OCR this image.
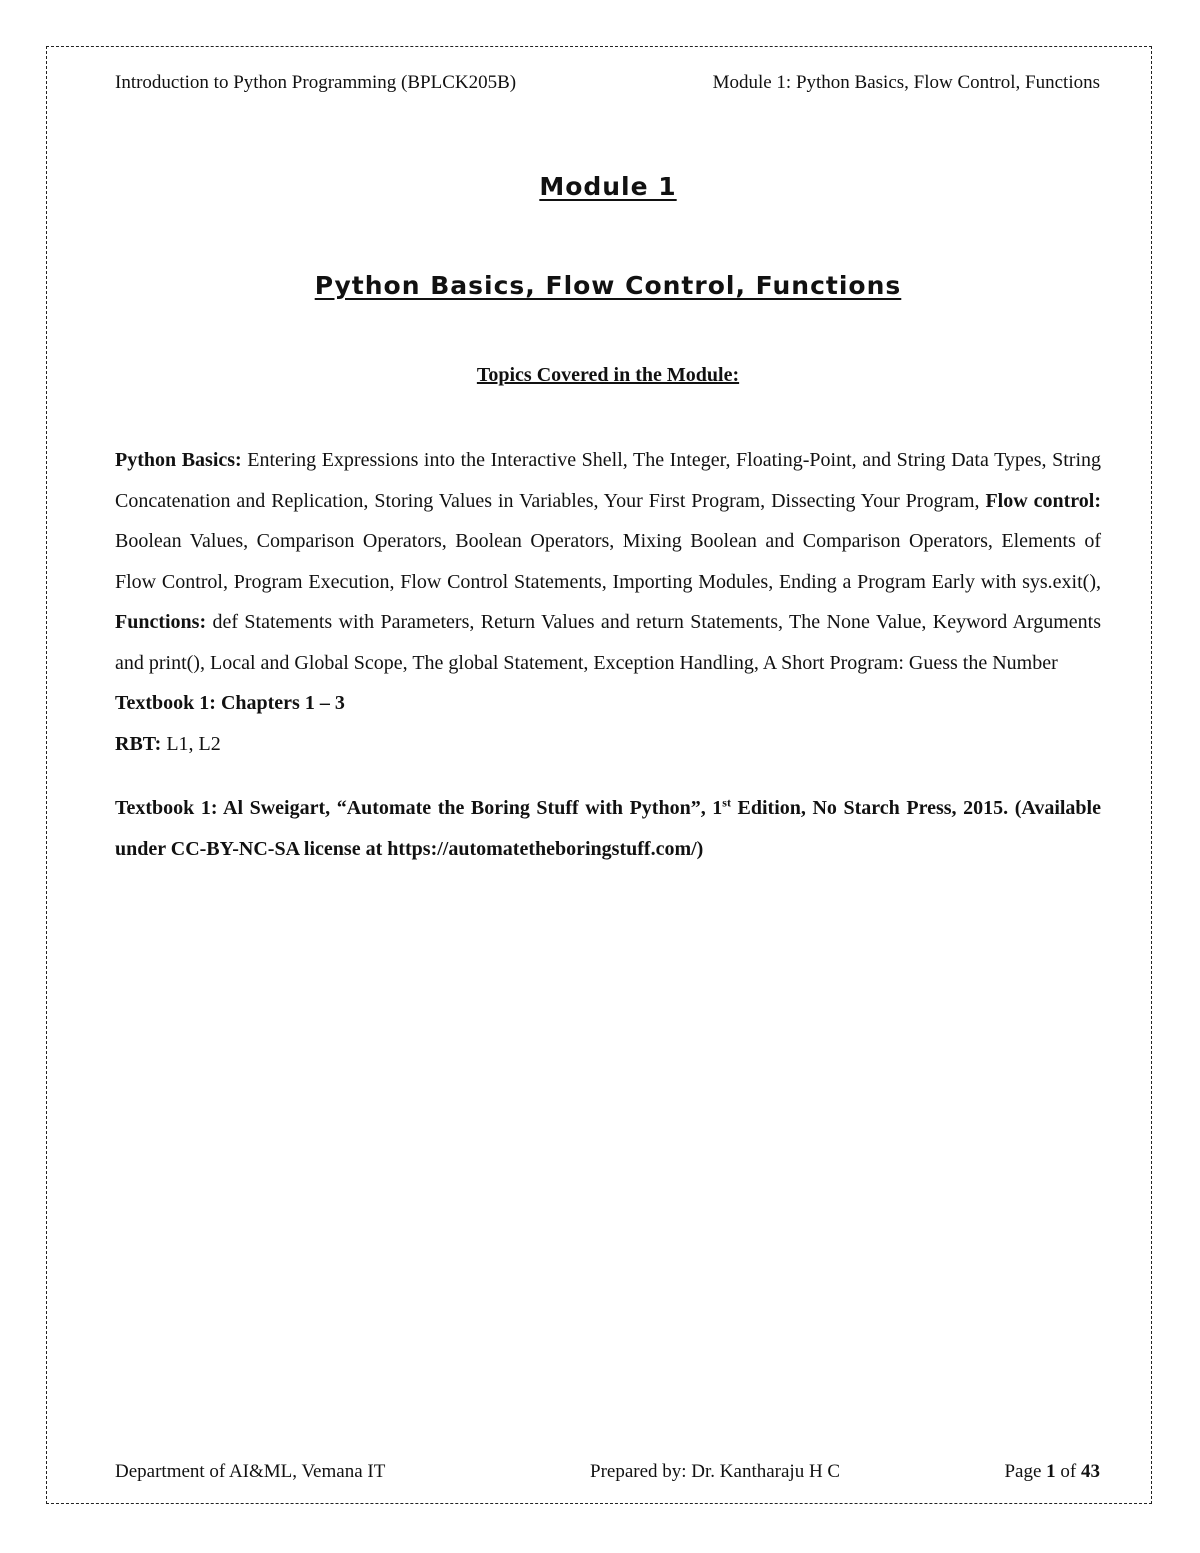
Introduction to Python Programming (BPLCK205B)	Module 1: Python Basics, Flow Control, Functions
Module 1
Python Basics, Flow Control, Functions
Topics Covered in the Module:

Python Basics: Entering Expressions into the Interactive Shell, The Integer, Floating-Point, and String Data Types, String Concatenation and Replication, Storing Values in Variables, Your First Program, Dissecting Your Program, Flow control: Boolean Values, Comparison Operators, Boolean Operators, Mixing Boolean and Comparison Operators, Elements of Flow Control, Program Execution, Flow Control Statements, Importing Modules, Ending a Program Early with sys.exit(), Functions: def Statements with Parameters, Return Values and return Statements, The None Value, Keyword Arguments and print(), Local and Global Scope, The global Statement, Exception Handling, A Short Program: Guess the Number

Textbook 1: Chapters 1 – 3

RBT: L1, L2

Textbook 1: Al Sweigart, “Automate the Boring Stuff with Python”, 1st Edition, No Starch Press, 2015. (Available under CC-BY-NC-SA license at https://automatetheboringstuff.com/)

Department of AI&ML, Vemana IT	Prepared by: Dr. Kantharaju H C	Page 1 of 43
